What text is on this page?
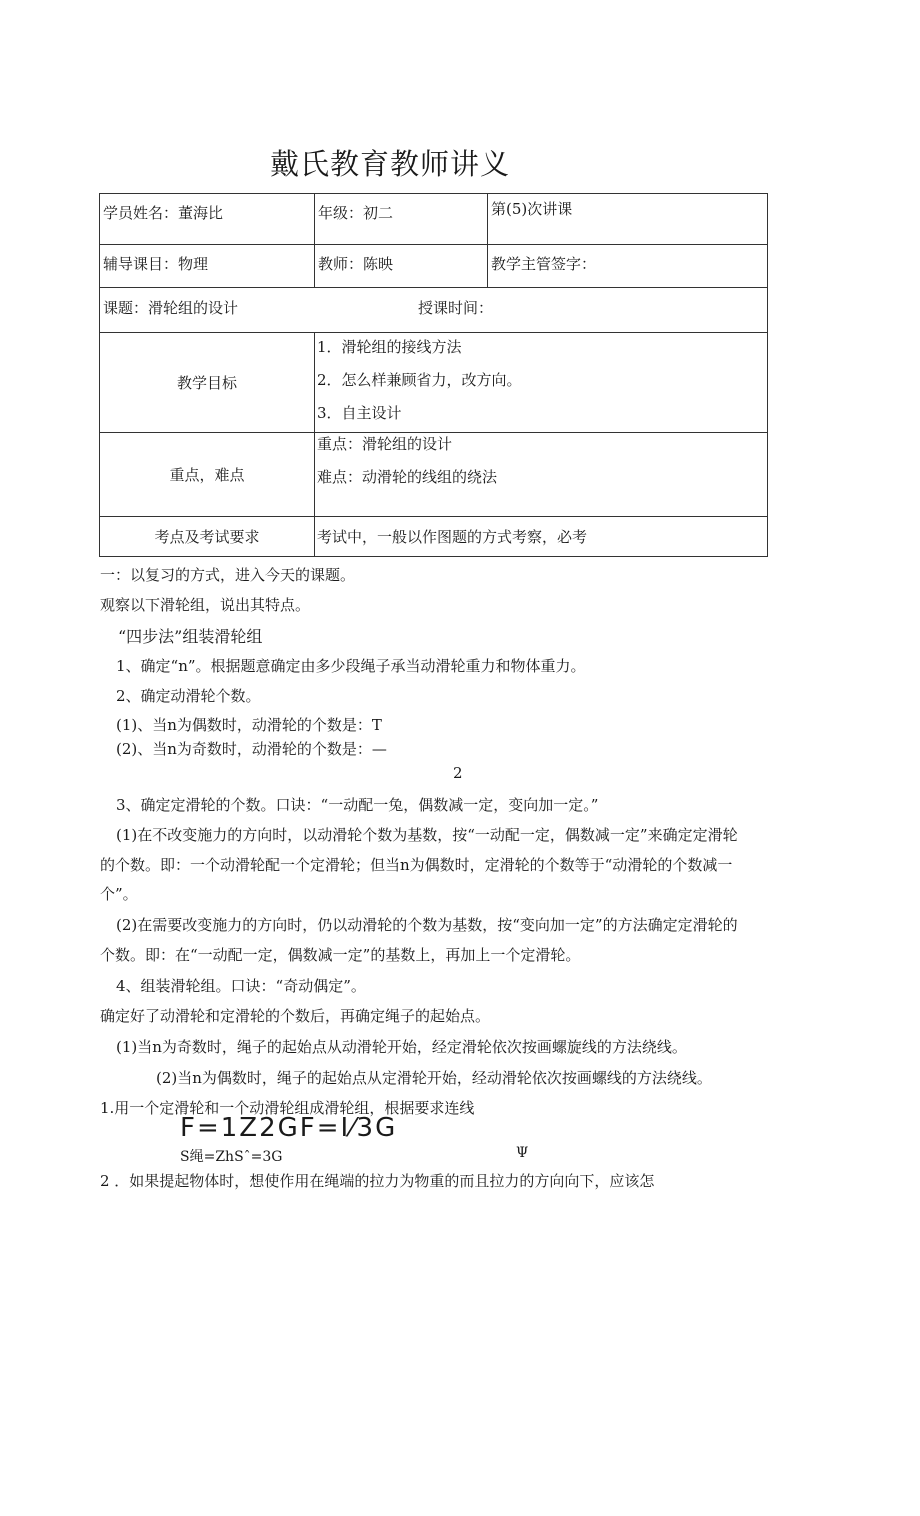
戴氏教育教师讲义
学员姓名：董海比	年级：初二	第(5)次讲课

辅导课目：物理	教师：陈映	教学主管签字：

课题：滑轮组的设计 授课时间：		

教学目标	1．滑轮组的接线方法
2．怎么样兼顾省力，改方向。
3．自主设计	

重点，难点	重点：滑轮组的设计
难点：动滑轮的线组的绕法	

考点及考试要求	考试中，一般以作图题的方式考察，必考	
一：以复习的方式，进入今天的课题。
观察以下滑轮组，说出其特点。
“四步法”组装滑轮组
1、确定“n”。根据题意确定由多少段绳子承当动滑轮重力和物体重力。
2、确定动滑轮个数。
(1)、当n为偶数时，动滑轮的个数是：T
(2)、当n为奇数时，动滑轮的个数是：—
2
3、确定定滑轮的个数。口诀：“一动配一兔，偶数减一定，变向加一定。”
(1)在不改变施力的方向时，以动滑轮个数为基数，按“一动配一定，偶数减一定”来确定定滑轮
的个数。即：一个动滑轮配一个定滑轮；但当n为偶数时，定滑轮的个数等于“动滑轮的个数减一
个”。
(2)在需要改变施力的方向时，仍以动滑轮的个数为基数，按“变向加一定”的方法确定定滑轮的
个数。即：在“一动配一定，偶数减一定”的基数上，再加上一个定滑轮。
4、组装滑轮组。口诀：“奇动偶定”。
确定好了动滑轮和定滑轮的个数后，再确定绳子的起始点。
(1)当n为奇数时，绳子的起始点从动滑轮开始，经定滑轮依次按画螺旋线的方法绕线。
(2)当n为偶数时，绳子的起始点从定滑轮开始，经动滑轮依次按画螺线的方法绕线。
1.用一个定滑轮和一个动滑轮组成滑轮组，根据要求连线
F=1Z2GF=I⁄3G
S绳=ZhSˆ=3G	Ψ
2 ．如果提起物体时，想使作用在绳端的拉力为物重的而且拉力的方向向下，应该怎
